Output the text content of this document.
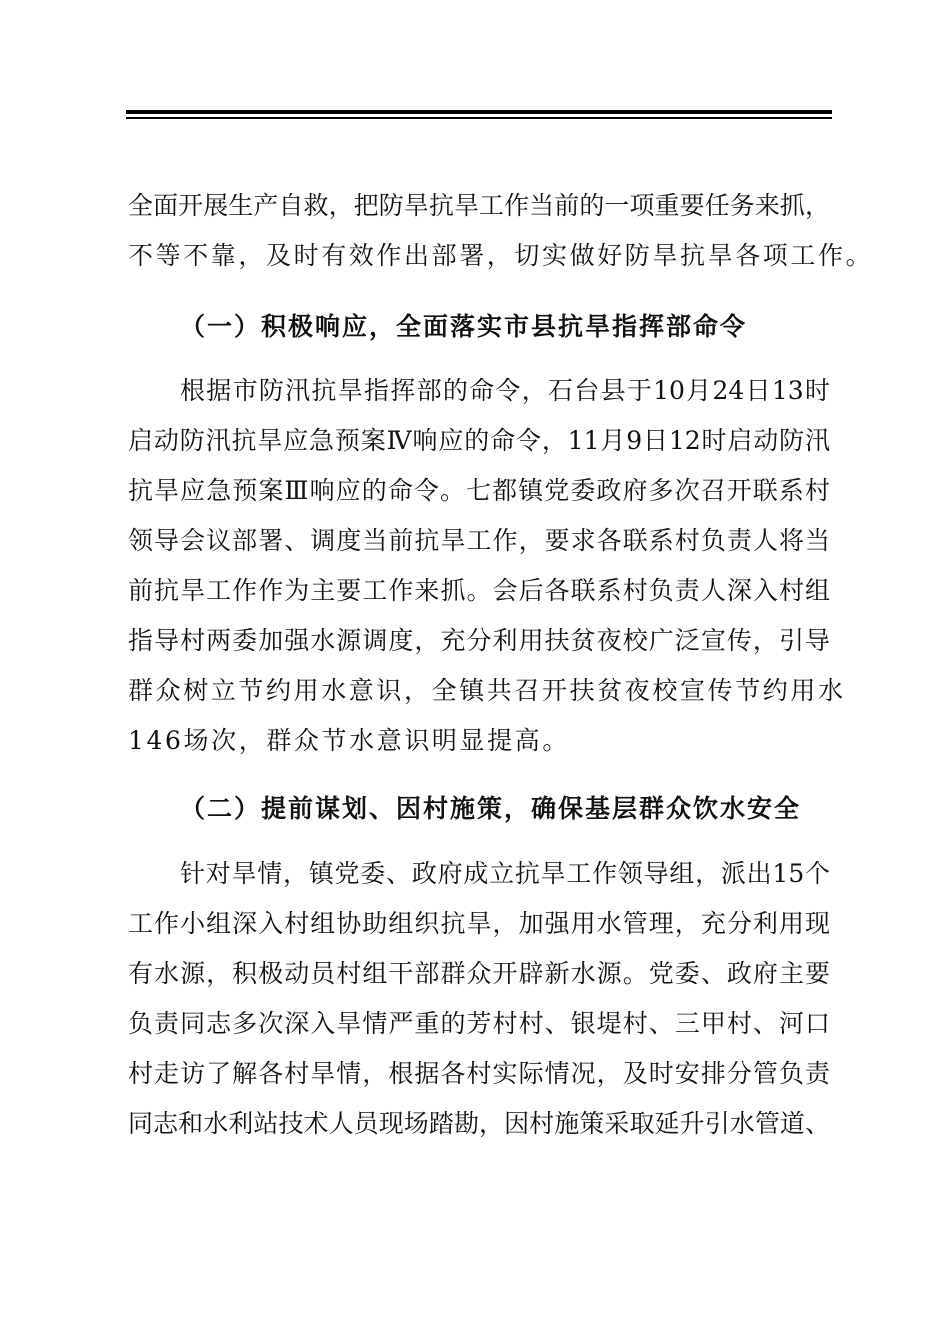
全面开展生产自救，把防旱抗旱工作当前的一项重要任务来抓，
不等不靠，及时有效作出部署，切实做好防旱抗旱各项工作。
（一）积极响应，全面落实市县抗旱指挥部命令
根据市防汛抗旱指挥部的命令，石台县于10月24日13时
启动防汛抗旱应急预案Ⅳ响应的命令，11月9日12时启动防汛
抗旱应急预案Ⅲ响应的命令。七都镇党委政府多次召开联系村
领导会议部署、调度当前抗旱工作，要求各联系村负责人将当
前抗旱工作作为主要工作来抓。会后各联系村负责人深入村组
指导村两委加强水源调度，充分利用扶贫夜校广泛宣传，引导
群众树立节约用水意识，全镇共召开扶贫夜校宣传节约用水
146场次，群众节水意识明显提高。
（二）提前谋划、因村施策，确保基层群众饮水安全
针对旱情，镇党委、政府成立抗旱工作领导组，派出15个
工作小组深入村组协助组织抗旱，加强用水管理，充分利用现
有水源，积极动员村组干部群众开辟新水源。党委、政府主要
负责同志多次深入旱情严重的芳村村、银堤村、三甲村、河口
村走访了解各村旱情，根据各村实际情况，及时安排分管负责
同志和水利站技术人员现场踏勘，因村施策采取延升引水管道、
